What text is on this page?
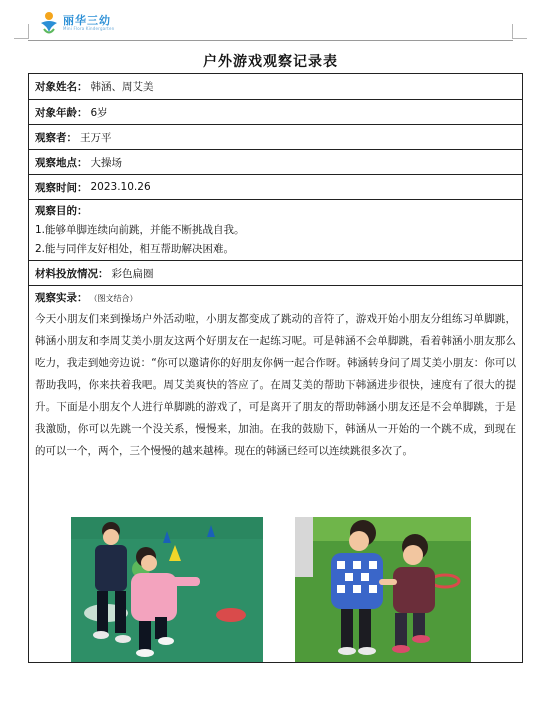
丽华三幼
Mini Flora Kindergarten
户外游戏观察记录表
对象姓名： 韩涵、周艾美
对象年龄： 6岁
观察者： 王万平
观察地点： 大操场
观察时间： 2023.10.26
观察目的：
1.能够单脚连续向前跳，并能不断挑战自我。
2.能与同伴友好相处，相互帮助解决困难。
材料投放情况： 彩色扁圈
观察实录： （图文结合）
今天小朋友们来到操场户外活动啦，小朋友都变成了跳动的音符了，游戏开始小朋友分组练习单脚跳，韩涵小朋友和李周艾美小朋友这两个好朋友在一起练习呢。可是韩涵不会单脚跳，看着韩涵小朋友那么吃力，我走到她旁边说：“你可以邀请你的好朋友你俩一起合作呀。韩涵转身问了周艾美小朋友：你可以帮助我吗，你来扶着我吧。周艾美爽快的答应了。在周艾美的帮助下韩涵进步很快，速度有了很大的提升。下面是小朋友个人进行单脚跳的游戏了，可是离开了朋友的帮助韩涵小朋友还是不会单脚跳，于是我激励，你可以先跳一个没关系，慢慢来，加油。在我的鼓励下，韩涵从一开始的一个跳不成，到现在的可以一个，两个，三个慢慢的越来越棒。现在的韩涵已经可以连续跳很多次了。
